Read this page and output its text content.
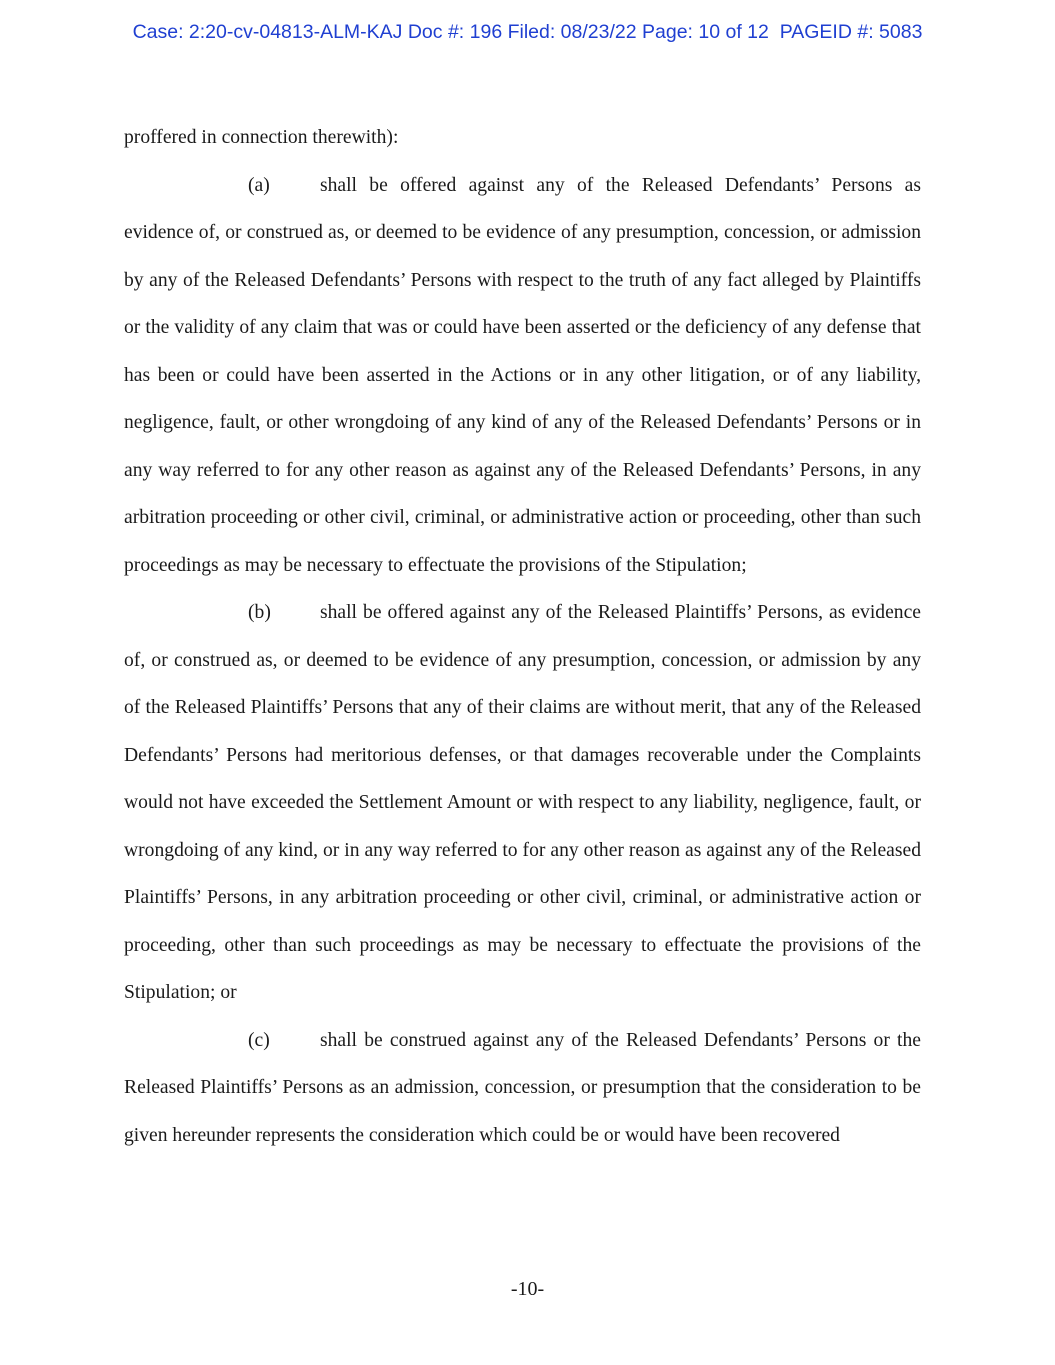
Case: 2:20-cv-04813-ALM-KAJ Doc #: 196 Filed: 08/23/22 Page: 10 of 12  PAGEID #: 5083

proffered in connection therewith):

(a)	shall be offered against any of the Released Defendants’ Persons as evidence of, or construed as, or deemed to be evidence of any presumption, concession, or admission by any of the Released Defendants’ Persons with respect to the truth of any fact alleged by Plaintiffs or the validity of any claim that was or could have been asserted or the deficiency of any defense that has been or could have been asserted in the Actions or in any other litigation, or of any liability, negligence, fault, or other wrongdoing of any kind of any of the Released Defendants’ Persons or in any way referred to for any other reason as against any of the Released Defendants’ Persons, in any arbitration proceeding or other civil, criminal, or administrative action or proceeding, other than such proceedings as may be necessary to effectuate the provisions of the Stipulation;

(b)	shall be offered against any of the Released Plaintiffs’ Persons, as evidence of, or construed as, or deemed to be evidence of any presumption, concession, or admission by any of the Released Plaintiffs’ Persons that any of their claims are without merit, that any of the Released Defendants’ Persons had meritorious defenses, or that damages recoverable under the Complaints would not have exceeded the Settlement Amount or with respect to any liability, negligence, fault, or wrongdoing of any kind, or in any way referred to for any other reason as against any of the Released Plaintiffs’ Persons, in any arbitration proceeding or other civil, criminal, or administrative action or proceeding, other than such proceedings as may be necessary to effectuate the provisions of the Stipulation; or

(c)	shall be construed against any of the Released Defendants’ Persons or the Released Plaintiffs’ Persons as an admission, concession, or presumption that the consideration to be given hereunder represents the consideration which could be or would have been recovered

-10-
